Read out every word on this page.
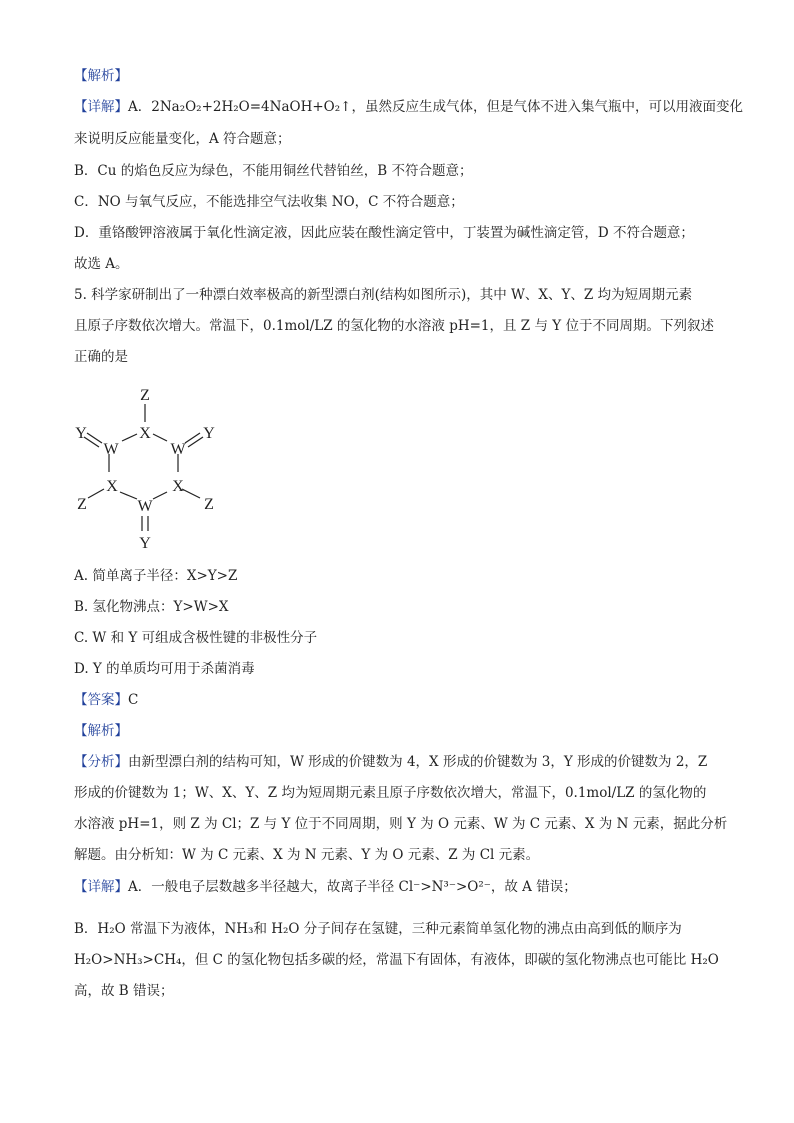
【解析】
【详解】A．2Na₂O₂+2H₂O=4NaOH+O₂↑，虽然反应生成气体，但是气体不进入集气瓶中，可以用液面变化
来说明反应能量变化，A 符合题意；
B．Cu 的焰色反应为绿色，不能用铜丝代替铂丝，B 不符合题意；
C．NO 与氧气反应，不能选排空气法收集 NO，C 不符合题意；
D．重铬酸钾溶液属于氧化性滴定液，因此应装在酸性滴定管中，丁装置为碱性滴定管，D 不符合题意；
故选 A。
5. 科学家研制出了一种漂白效率极高的新型漂白剂(结构如图所示)，其中 W、X、Y、Z 均为短周期元素
且原子序数依次增大。常温下，0.1mol/LZ 的氢化物的水溶液 pH=1，且 Z 与 Y 位于不同周期。下列叙述
正确的是
Z
X
Y
W	W
Y
X	X
W
Z	Z
Y
A. 简单离子半径：X>Y>Z
B. 氢化物沸点：Y>W>X
C. W 和 Y 可组成含极性键的非极性分子
D. Y 的单质均可用于杀菌消毒
【答案】C
【解析】
【分析】由新型漂白剂的结构可知，W 形成的价键数为 4，X 形成的价键数为 3，Y 形成的价键数为 2，Z
形成的价键数为 1；W、X、Y、Z 均为短周期元素且原子序数依次增大，常温下，0.1mol/LZ 的氢化物的
水溶液 pH=1，则 Z 为 Cl；Z 与 Y 位于不同周期，则 Y 为 O 元素、W 为 C 元素、X 为 N 元素，据此分析
解题。由分析知：W 为 C 元素、X 为 N 元素、Y 为 O 元素、Z 为 Cl 元素。
【详解】A．一般电子层数越多半径越大，故离子半径 Cl⁻>N³⁻>O²⁻，故 A 错误；
B．H₂O 常温下为液体，NH₃和 H₂O 分子间存在氢键，三种元素简单氢化物的沸点由高到低的顺序为
H₂O>NH₃>CH₄，但 C 的氢化物包括多碳的烃，常温下有固体，有液体，即碳的氢化物沸点也可能比 H₂O
高，故 B 错误；
